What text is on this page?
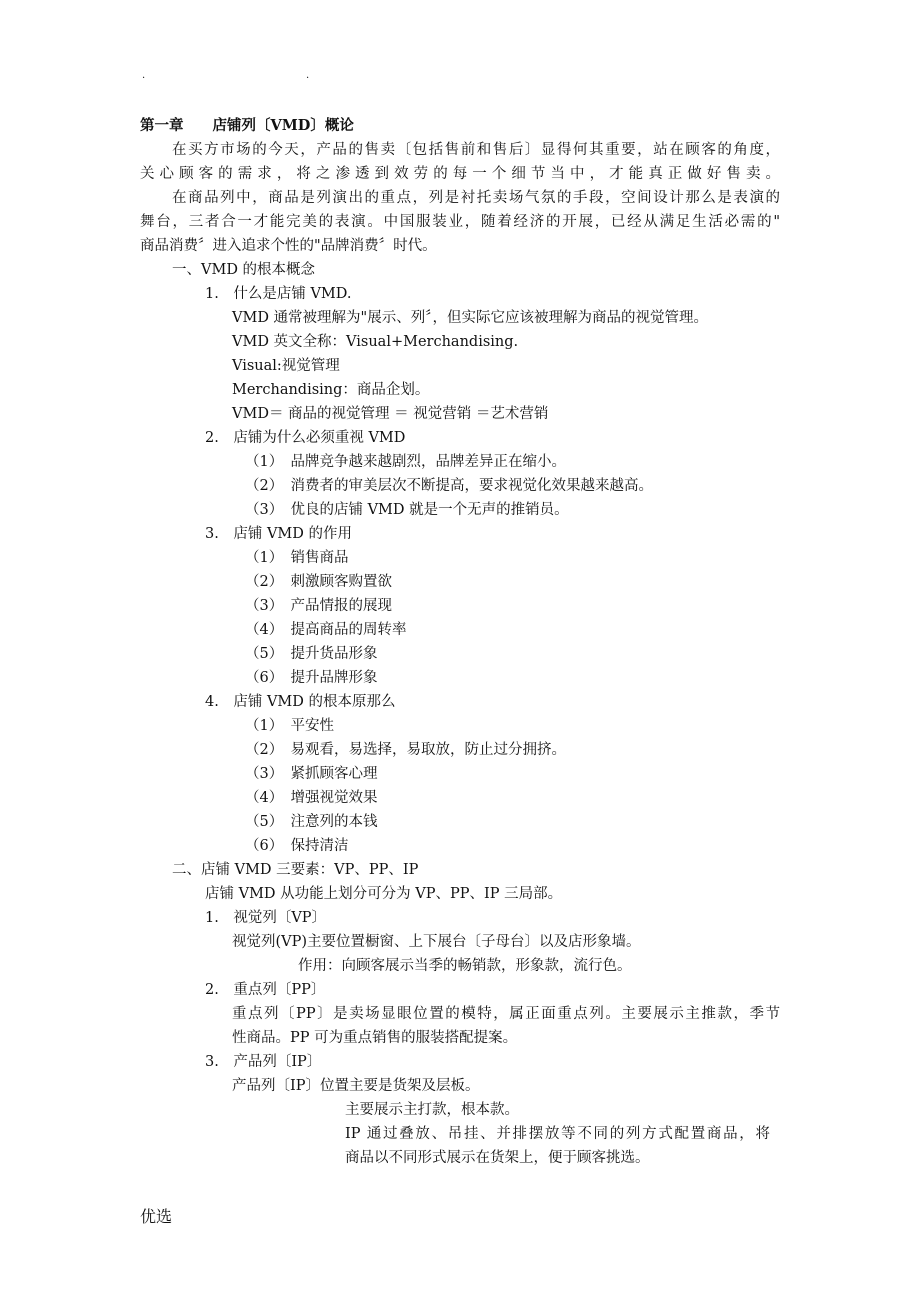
.	.
第一章　　店铺列〔VMD〕概论
在买方市场的今天，产品的售卖〔包括售前和售后〕显得何其重要，站在顾客的角度，
关心顾客的需求，将之渗透到效劳的每一个细节当中，才能真正做好售卖。
在商品列中，商品是列演出的重点，列是衬托卖场气氛的手段，空间设计那么是表演的
舞台，三者合一才能完美的表演。中国服装业，随着经济的开展，已经从满足生活必需的"
商品消费〞进入追求个性的"品牌消费〞时代。
一、VMD 的根本概念
1.　什么是店铺 VMD.
VMD 通常被理解为"展示、列〞，但实际它应该被理解为商品的视觉管理。
VMD 英文全称：Visual+Merchandising.
Visual:视觉管理
Merchandising：商品企划。
VMD＝ 商品的视觉管理 ＝ 视觉营销 ＝艺术营销
2.　店铺为什么必须重视 VMD
（1）　品牌竞争越来越剧烈，品牌差异正在缩小。
（2）　消费者的审美层次不断提高，要求视觉化效果越来越高。
（3）　优良的店铺 VMD 就是一个无声的推销员。
3.　店铺 VMD 的作用
（1）　销售商品
（2）　刺激顾客购置欲
（3）　产品情报的展现
（4）　提高商品的周转率
（5）　提升货品形象
（6）　提升品牌形象
4.　店铺 VMD 的根本原那么
（1）　平安性
（2）　易观看，易选择，易取放，防止过分拥挤。
（3）　紧抓顾客心理
（4）　增强视觉效果
（5）　注意列的本钱
（6）　保持清洁
二、店铺 VMD 三要素：VP、PP、IP
店铺 VMD 从功能上划分可分为 VP、PP、IP 三局部。
1.　视觉列〔VP〕
视觉列(VP)主要位置橱窗、上下展台〔子母台〕以及店形象墙。
作用：向顾客展示当季的畅销款，形象款，流行色。
2.　重点列〔PP〕
重点列〔PP〕是卖场显眼位置的模特，属正面重点列。主要展示主推款，季节
性商品。PP 可为重点销售的服装搭配提案。
3.　产品列〔IP〕
产品列〔IP〕位置主要是货架及层板。
主要展示主打款，根本款。
IP 通过叠放、吊挂、并排摆放等不同的列方式配置商品，将
商品以不同形式展示在货架上，便于顾客挑选。
优选
